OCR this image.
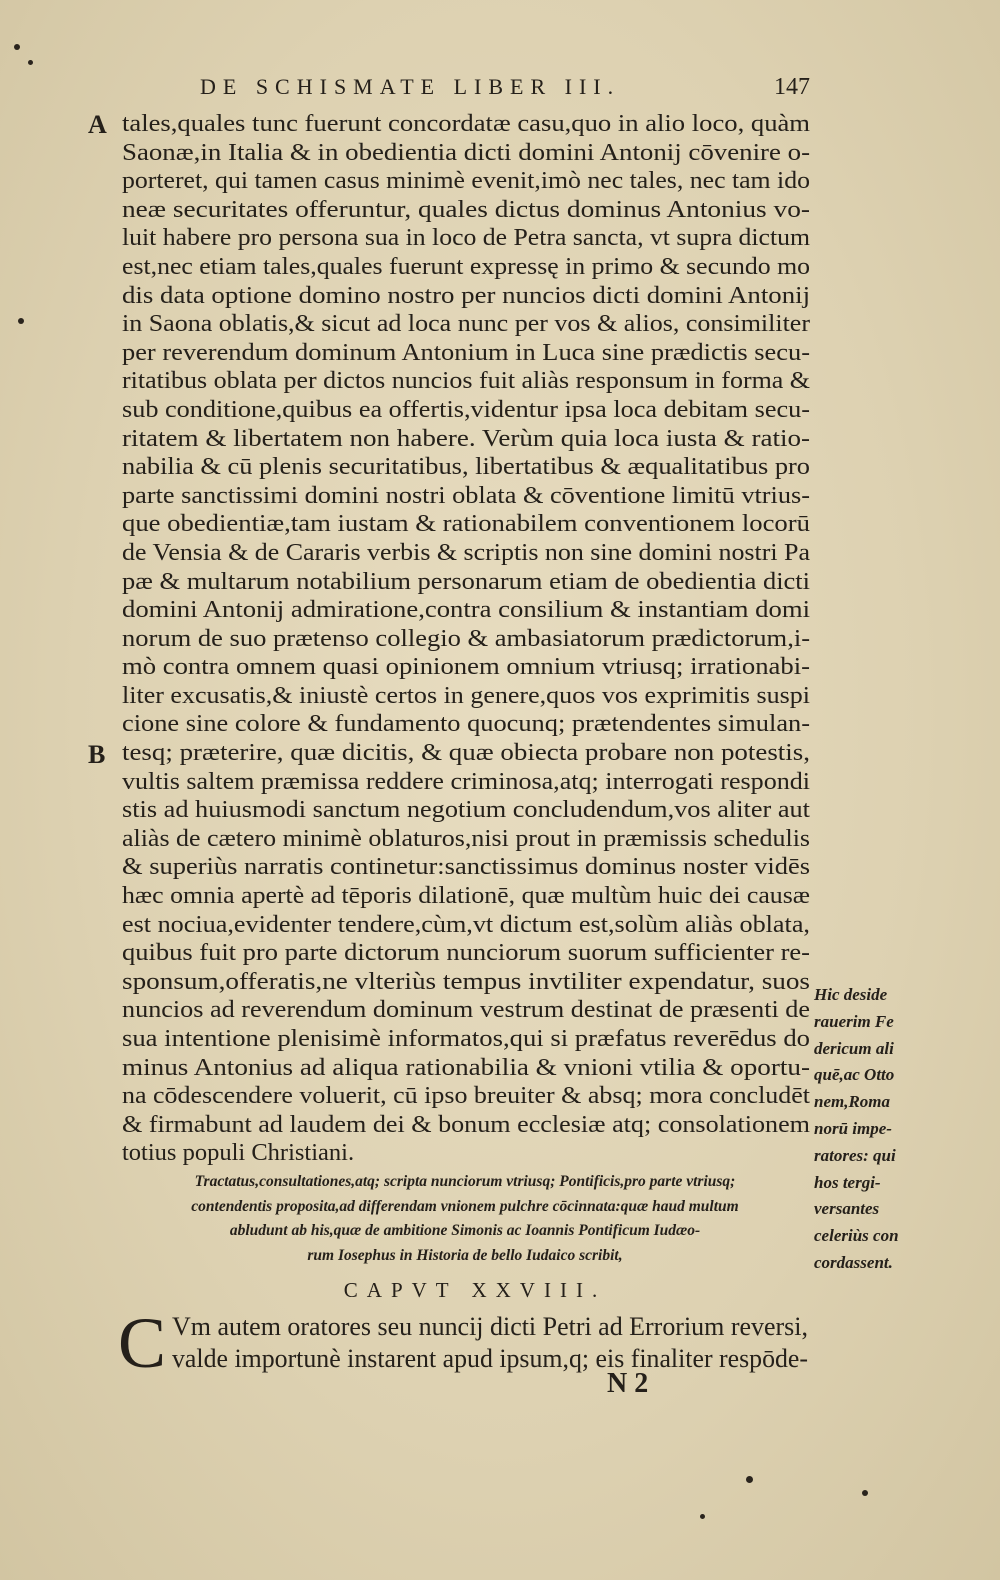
DE SCHISMATE LIBER III.	147
A
B
tales,quales tunc fuerunt concordatæ casu,quo in alio loco, quàm
Saonæ,in Italia & in obedientia dicti domini Antonij cōvenire o-
porteret, qui tamen casus minimè evenit,imò nec tales, nec tam ido
neæ securitates offeruntur, quales dictus dominus Antonius vo-
luit habere pro persona sua in loco de Petra sancta, vt supra dictum
est,nec etiam tales,quales fuerunt expressę in primo & secundo mo
dis data optione domino nostro per nuncios dicti domini Antonij
in Saona oblatis,& sicut ad loca nunc per vos & alios, consimiliter
per reverendum dominum Antonium in Luca sine prædictis secu-
ritatibus oblata per dictos nuncios fuit aliàs responsum in forma &
sub conditione,quibus ea offertis,videntur ipsa loca debitam secu-
ritatem & libertatem non habere. Verùm quia loca iusta & ratio-
nabilia & cū plenis securitatibus, libertatibus & æqualitatibus pro
parte sanctissimi domini nostri oblata & cōventione limitū vtrius-
que obedientiæ,tam iustam & rationabilem conventionem locorū
de Vensia & de Cararis verbis & scriptis non sine domini nostri Pa
pæ & multarum notabilium personarum etiam de obedientia dicti
domini Antonij admiratione,contra consilium & instantiam domi
norum de suo prætenso collegio & ambasiatorum prædictorum,i-
mò contra omnem quasi opinionem omnium vtriusq; irrationabi-
liter excusatis,& iniustè certos in genere,quos vos exprimitis suspi
cione sine colore & fundamento quocunq; prætendentes simulan-
tesq; præterire, quæ dicitis, & quæ obiecta probare non potestis,
vultis saltem præmissa reddere criminosa,atq; interrogati respondi
stis ad huiusmodi sanctum negotium concludendum,vos aliter aut
aliàs de cætero minimè oblaturos,nisi prout in præmissis schedulis
& superiùs narratis continetur:sanctissimus dominus noster vidēs
hæc omnia apertè ad tēporis dilationē, quæ multùm huic dei causæ
est nociua,evidenter tendere,cùm,vt dictum est,solùm aliàs oblata,
quibus fuit pro parte dictorum nunciorum suorum sufficienter re-
sponsum,offeratis,ne vlteriùs tempus invtiliter expendatur, suos
nuncios ad reverendum dominum vestrum destinat de præsenti de
sua intentione plenisimè informatos,qui si præfatus reverēdus do
minus Antonius ad aliqua rationabilia & vnioni vtilia & oportu-
na cōdescendere voluerit, cū ipso breuiter & absq; mora concludēt
& firmabunt ad laudem dei & bonum ecclesiæ atq; consolationem
totius populi Christiani.
Hic deside
rauerim Fe
dericum ali
quē,ac Otto
nem,Roma
norū impe-
ratores: qui
hos tergi-
versantes
celeriùs con
cordassent.
Tractatus,consultationes,atq; scripta nunciorum vtriusq; Pontificis,pro parte vtriusq;
contendentis proposita,ad differendam vnionem pulchre cōcinnata:quæ haud multum
abludunt ab his,quæ de ambitione Simonis ac Ioannis Pontificum Iudæo-
rum Iosephus in Historia de bello Iudaico scribit,
CAPVT XXVIII.
C Vm autem oratores seu nuncij dicti Petri ad Errorium reversi,
valde importunè instarent apud ipsum,q; eis finaliter respōde-
N 2
